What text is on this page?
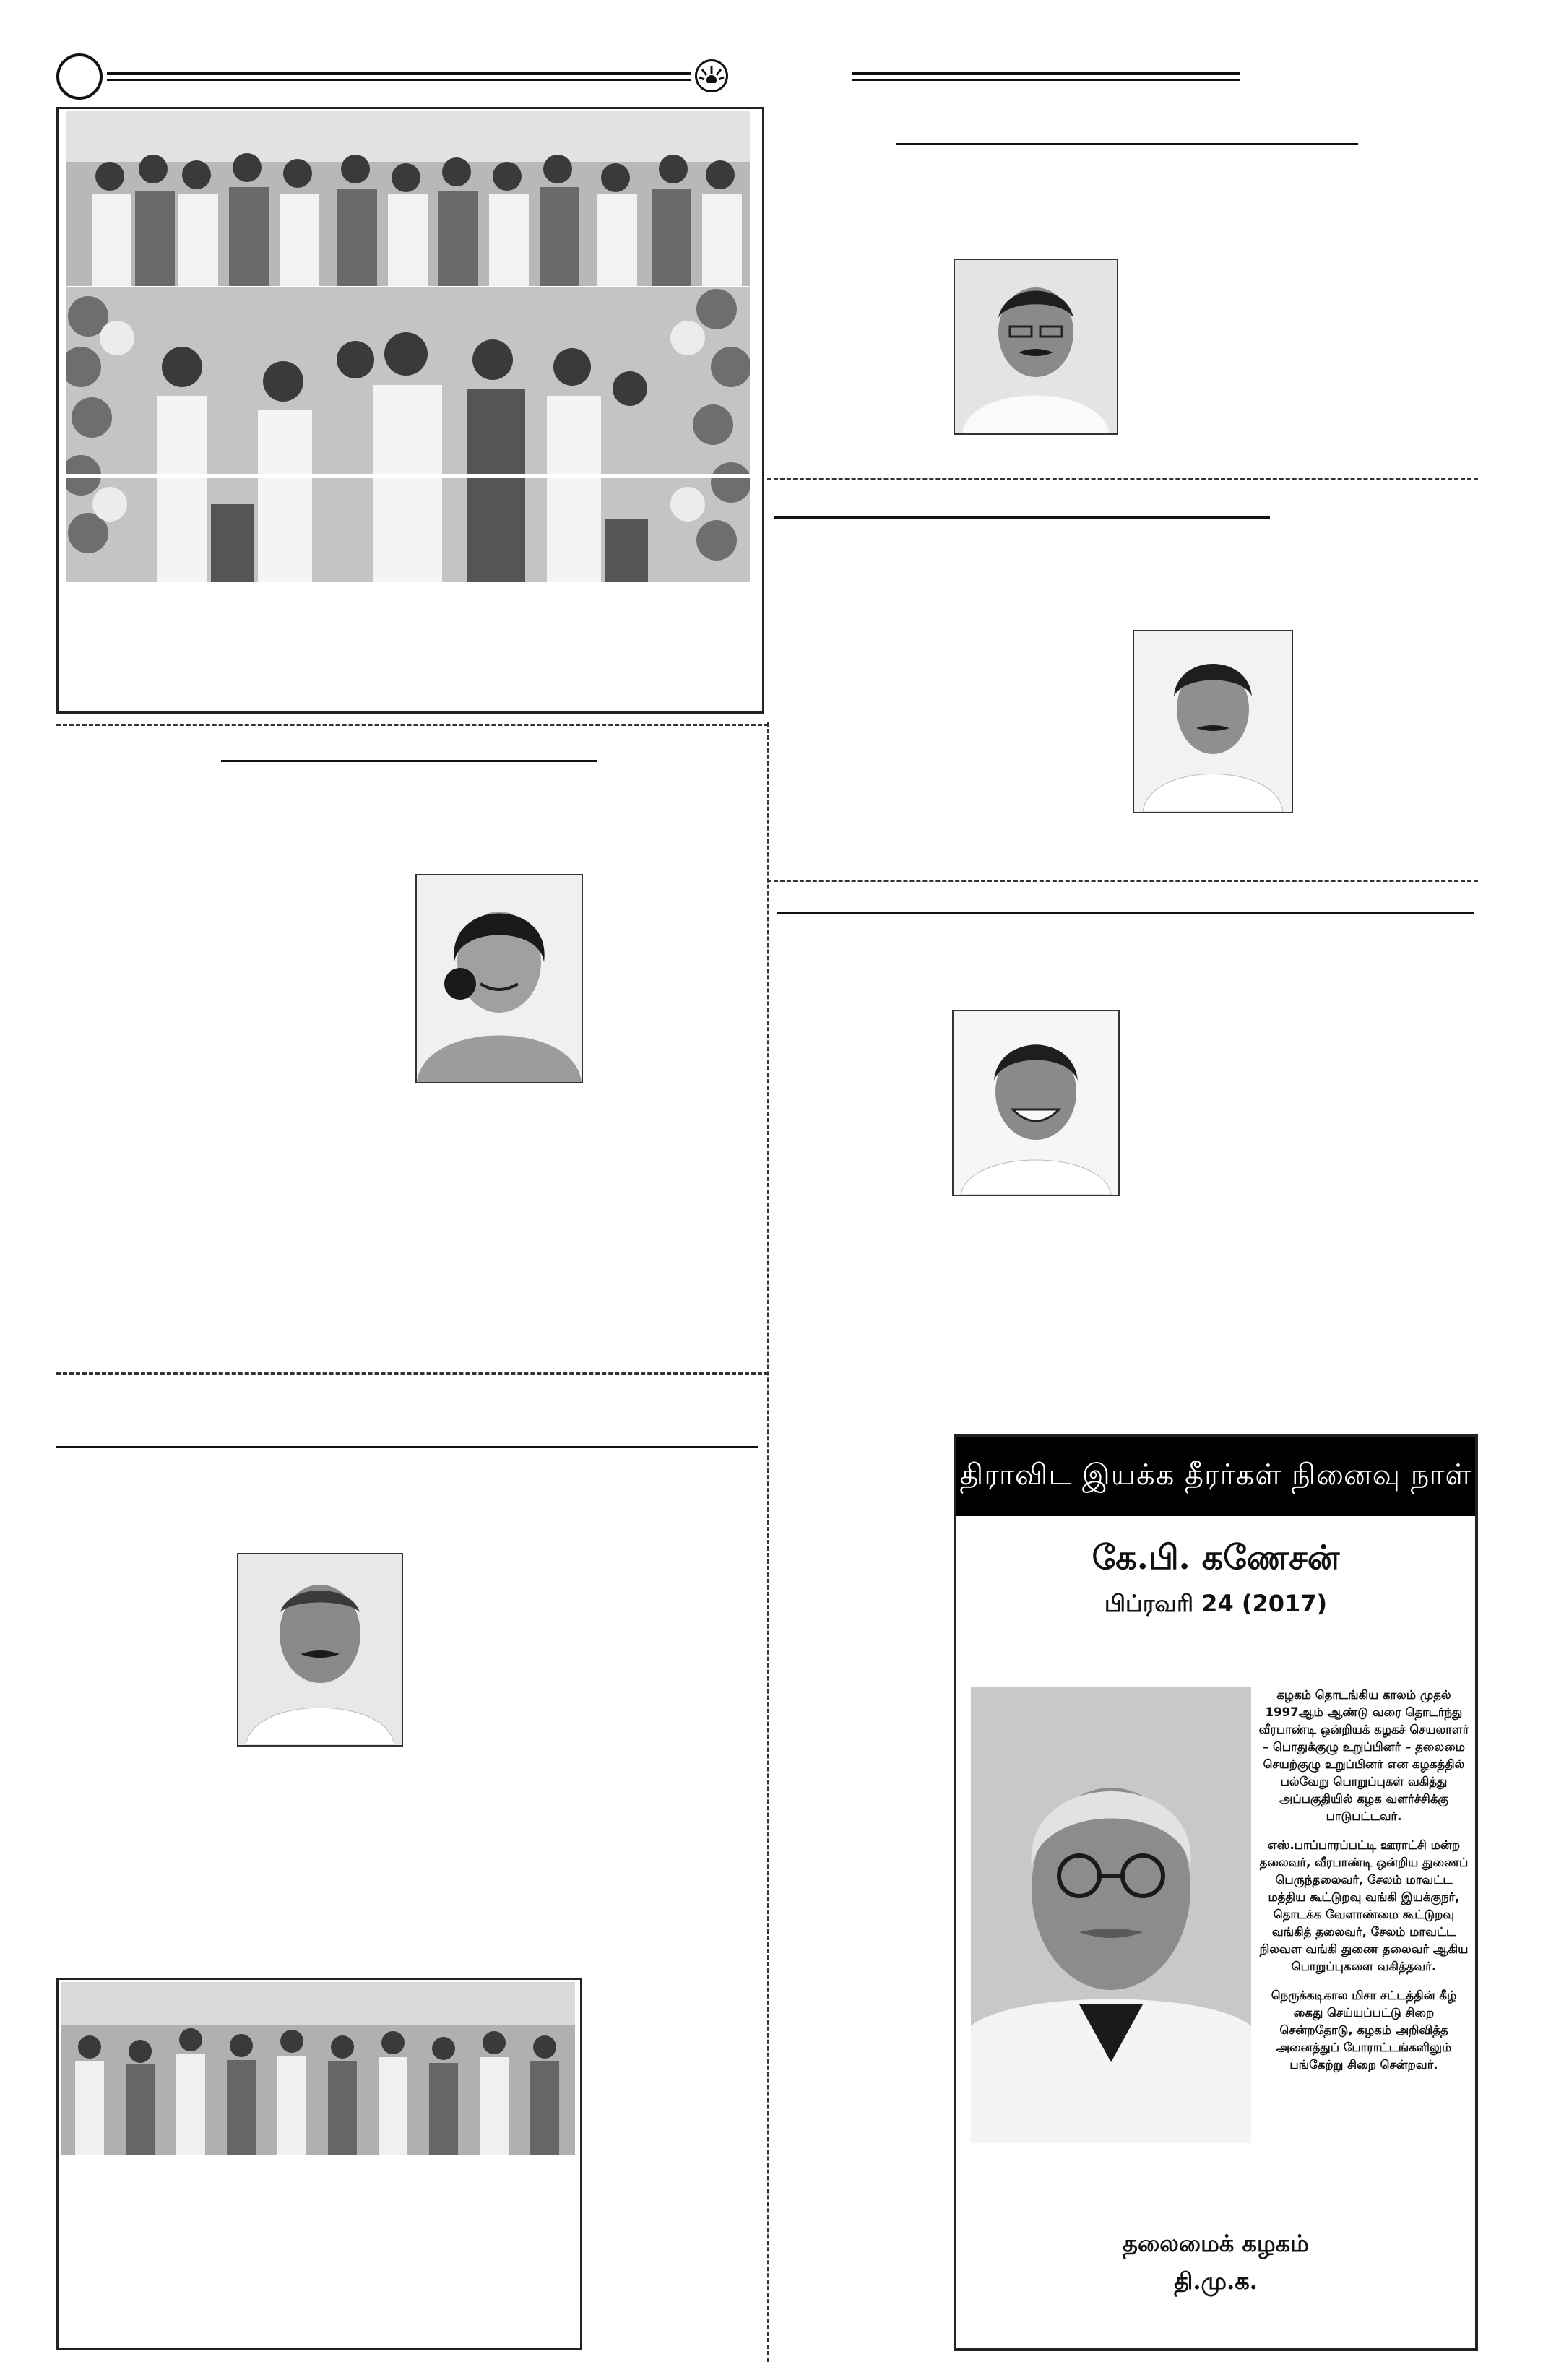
திராவிட இயக்க தீரர்கள் நினைவு நாள்
கே.பி. கணேசன்
பிப்ரவரி 24 (2017)

கழகம் தொடங்கிய காலம் முதல் 1997ஆம் ஆண்டு வரை தொடர்ந்து வீரபாண்டி ஒன்றியக் கழகச் செயலாளர் – பொதுக்குழு உறுப்பினர் – தலைமை செயற்குழு உறுப்பினர் என கழகத்தில் பல்வேறு பொறுப்புகள் வகித்து அப்பகுதியில் கழக வளர்ச்சிக்கு பாடுபட்டவர்.

எஸ்.பாப்பாரப்பட்டி ஊராட்சி மன்ற தலைவர், வீரபாண்டி ஒன்றிய துணைப் பெருந்தலைவர், சேலம் மாவட்ட மத்திய கூட்டுறவு வங்கி இயக்குநர், தொடக்க வேளாண்மை கூட்டுறவு வங்கித் தலைவர், சேலம் மாவட்ட நிலவள வங்கி துணை தலைவர் ஆகிய பொறுப்புகளை வகித்தவர்.

நெருக்கடிகால மிசா சட்டத்தின் கீழ் கைது செய்யப்பட்டு சிறை சென்றதோடு, கழகம் அறிவித்த அனைத்துப் போராட்டங்களிலும் பங்கேற்று சிறை சென்றவர்.

தலைமைக் கழகம்
தி.மு.க.
